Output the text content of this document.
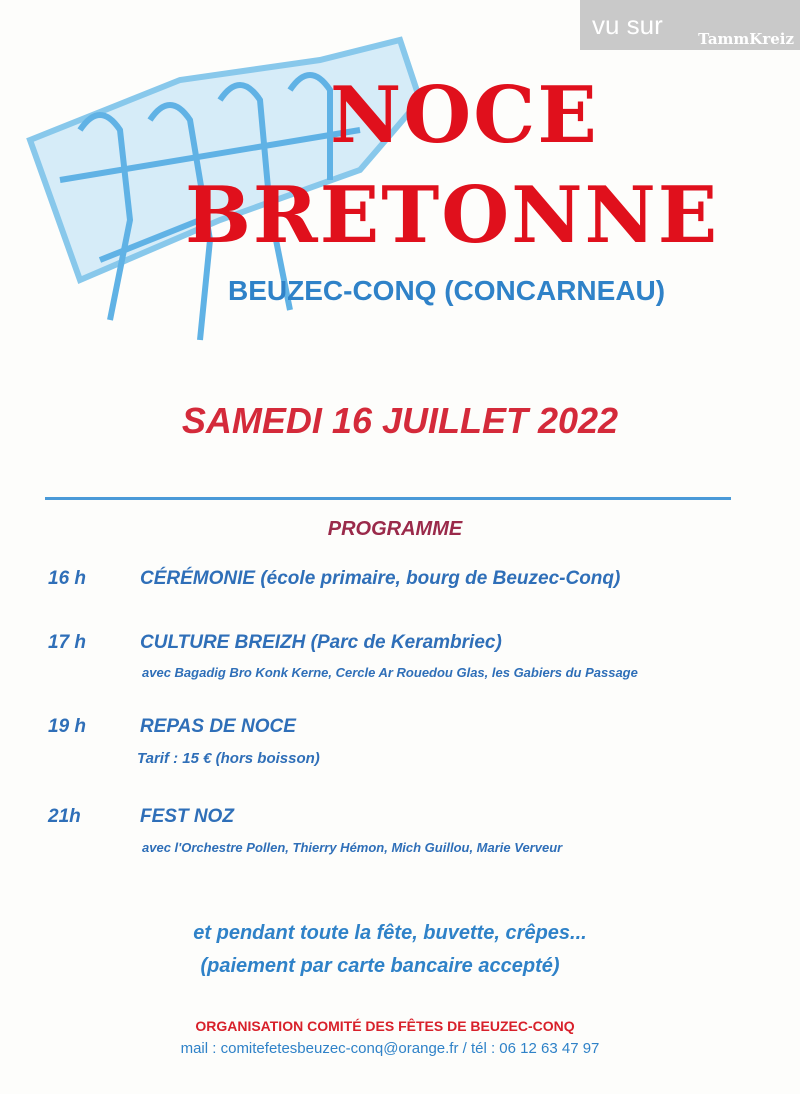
vu sur TammKreiz
NOCE
BRETONNE
BEUZEC-CONQ (CONCARNEAU)
SAMEDI 16 JUILLET 2022
PROGRAMME
16 h	CÉRÉMONIE (école primaire, bourg de Beuzec-Conq)
17 h	CULTURE BREIZH (Parc de Kerambriec)
avec Bagadig Bro Konk Kerne, Cercle Ar Rouedou Glas, les Gabiers du Passage
19 h	REPAS DE NOCE
Tarif : 15 € (hors boisson)
21h	FEST NOZ
avec l'Orchestre Pollen, Thierry Hémon, Mich Guillou, Marie Verveur
et pendant toute la fête, buvette, crêpes...
(paiement par carte bancaire accepté)
ORGANISATION COMITÉ DES FÊTES DE BEUZEC-CONQ
mail : comitefetesbeuzec-conq@orange.fr / tél : 06 12 63 47 97
